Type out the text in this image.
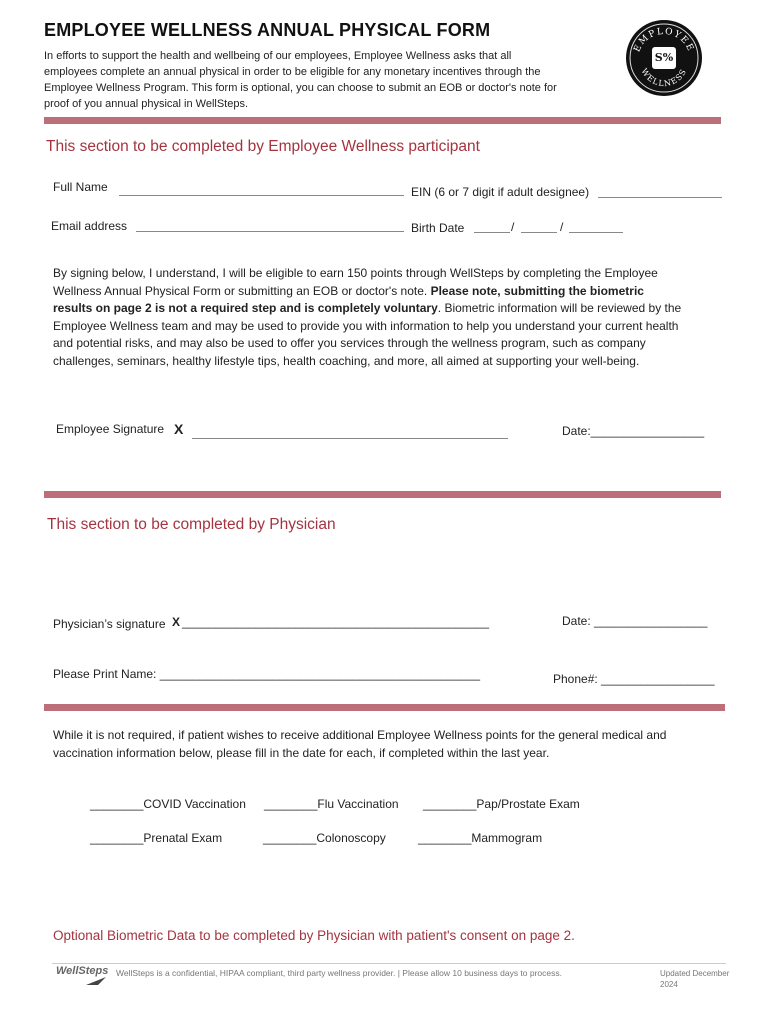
EMPLOYEE WELLNESS ANNUAL PHYSICAL FORM
In efforts to support the health and wellbeing of our employees, Employee Wellness asks that all employees complete an annual physical in order to be eligible for any monetary incentives through the Employee Wellness Program. This form is optional, you can choose to submit an EOB or doctor's note for proof of you annual physical in WellSteps.
EMPLOYEE
WELLNESS
S%
This section to be completed by Employee Wellness participant
Full Name	EIN (6 or 7 digit if adult designee)
Email address	Birth Date	/	/
By signing below, I understand, I will be eligible to earn 150 points through WellSteps by completing the Employee Wellness Annual Physical Form or submitting an EOB or doctor's note. Please note, submitting the biometric results on page 2 is not a required step and is completely voluntary. Biometric information will be reviewed by the Employee Wellness team and may be used to provide you with information to help you understand your current health and potential risks, and may also be used to offer you services through the wellness program, such as company challenges, seminars, healthy lifestyle tips, health coaching, and more, all aimed at supporting your well-being.
Employee Signature X	Date:_________________
This section to be completed by Physician
Physician’s signature X ______________________________________________	Date: _________________
Please Print Name: ________________________________________________	Phone#: _________________
While it is not required, if patient wishes to receive additional Employee Wellness points for the general medical and vaccination information below, please fill in the date for each, if completed within the last year.
________COVID Vaccination ________Flu Vaccination ________Pap/Prostate Exam
________Prenatal Exam	________Colonoscopy	________Mammogram
Optional Biometric Data to be completed by Physician with patient's consent on page 2.
WellSteps WellSteps is a confidential, HIPAA compliant, third party wellness provider. | Please allow 10 business days to process.	Updated December 2024
